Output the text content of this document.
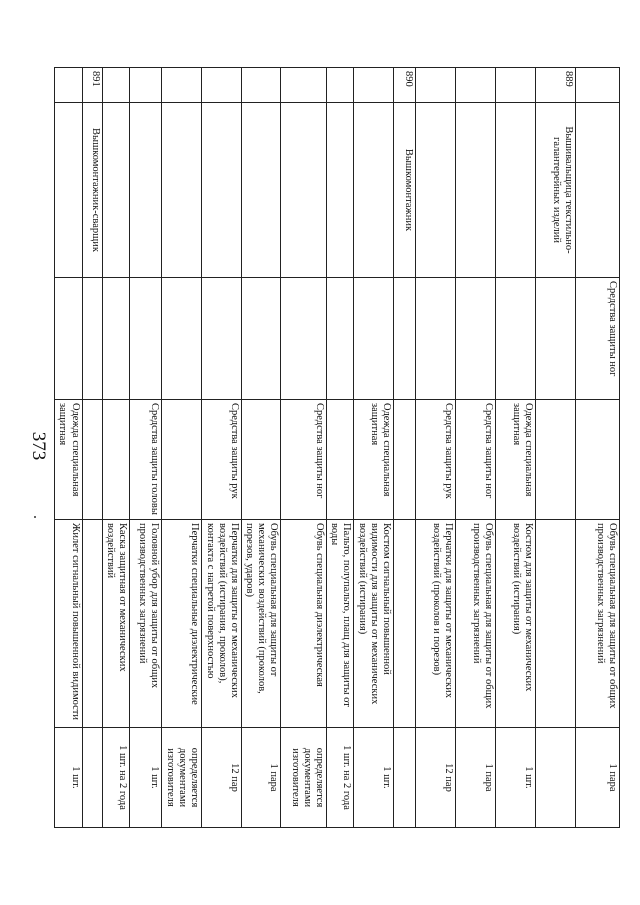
373
		Средства защиты ног		Обувь специальная для защиты от общих производственных загрязнений	1 пара
889	Вышивальщица текстильно-галантерейных изделий				
			Одежда специальная защитная	Костюм для защиты от механических воздействий (истирания)	1 шт.
			Средства защиты ног	Обувь специальная для защиты от общих производственных загрязнений	1 пара
			Средства защиты рук	Перчатки для защиты от механических воздействий (проколов и порезов)	12 пар
890	Вышкомонтажник				
			Одежда специальная защитная	Костюм сигнальный повышенной видимости для защиты от механических воздействий (истирания)	1 шт.
				Пальто, полупальто, плащ для защиты от воды	1 шт. на 2 года
			Средства защиты ног	Обувь специальная диэлектрическая	определяется документами изготовителя
				Обувь специальная для защиты от механических воздействий (проколов, порезов, ударов)	1 пара
			Средства защиты рук	Перчатки для защиты от механических воздействий (истирания, проколов), контакта с нагретой поверхностью	12 пар
				Перчатки специальные диэлектрические	определяется документами изготовителя
			Средства защиты головы	Головной убор для защиты от общих производственных загрязнений	1 шт.
				Каска защитная от механических воздействий	1 шт. на 2 года
891	Вышкомонтажник-сварщик				
			Одежда специальная защитная	Жилет сигнальный повышенной видимости	1 шт.
